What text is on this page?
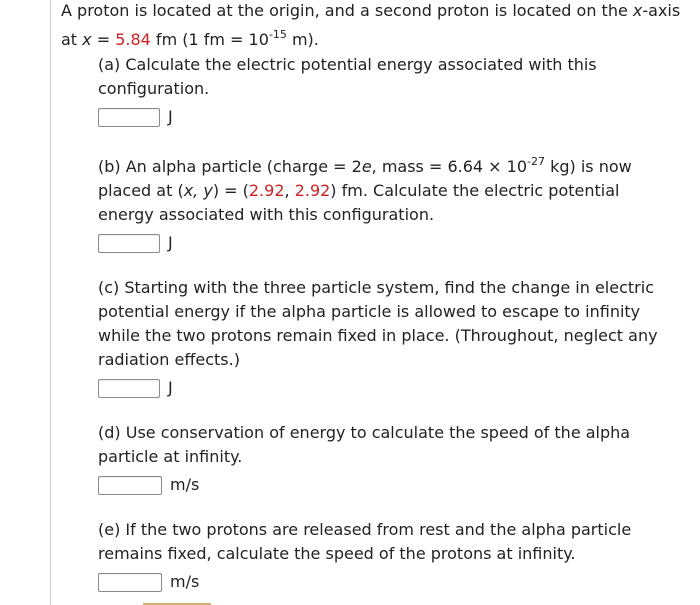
A proton is located at the origin, and a second proton is located on the x-axis at x = 5.84 fm (1 fm = $10^{-15}$ m).
(a) Calculate the electric potential energy associated with this configuration.
J
(b) An alpha particle (charge = 2e, mass = $6.64 \times 10^{-27}$ kg) is now placed at (x, y) = (2.92, 2.92) fm. Calculate the electric potential energy associated with this configuration.
J
(c) Starting with the three particle system, find the change in electric potential energy if the alpha particle is allowed to escape to infinity while the two protons remain fixed in place. (Throughout, neglect any radiation effects.)
J
(d) Use conservation of energy to calculate the speed of the alpha particle at infinity.
m/s
(e) If the two protons are released from rest and the alpha particle remains fixed, calculate the speed of the protons at infinity.
m/s
